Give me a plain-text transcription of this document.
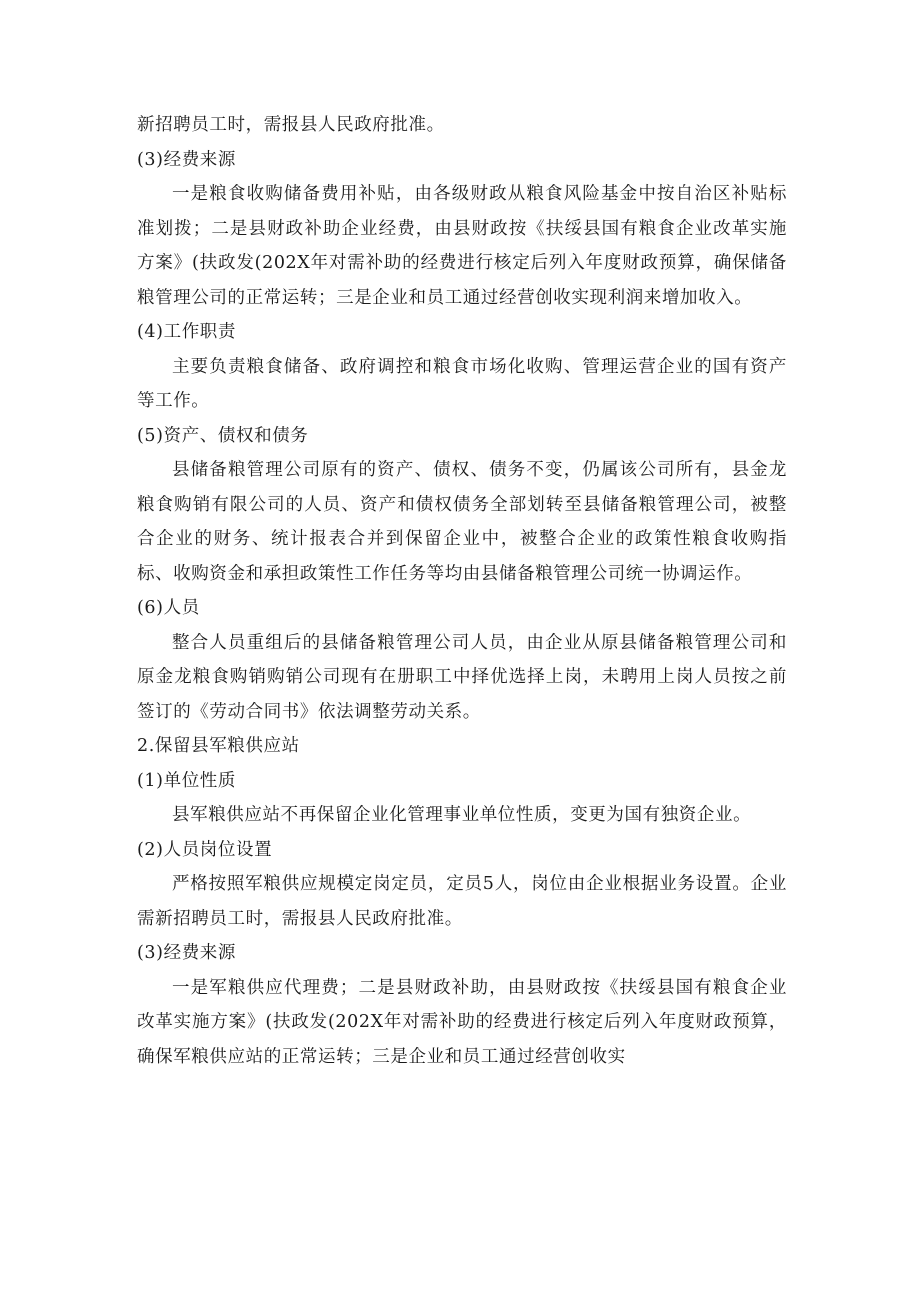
新招聘员工时，需报县人民政府批准。

(3)经费来源

一是粮食收购储备费用补贴，由各级财政从粮食风险基金中按自治区补贴标准划拨；二是县财政补助企业经费，由县财政按《扶绥县国有粮食企业改革实施方案》(扶政发(202X年对需补助的经费进行核定后列入年度财政预算，确保储备粮管理公司的正常运转；三是企业和员工通过经营创收实现利润来增加收入。

(4)工作职责

主要负责粮食储备、政府调控和粮食市场化收购、管理运营企业的国有资产等工作。

(5)资产、债权和债务

县储备粮管理公司原有的资产、债权、债务不变，仍属该公司所有，县金龙粮食购销有限公司的人员、资产和债权债务全部划转至县储备粮管理公司，被整合企业的财务、统计报表合并到保留企业中，被整合企业的政策性粮食收购指标、收购资金和承担政策性工作任务等均由县储备粮管理公司统一协调运作。

(6)人员

整合人员重组后的县储备粮管理公司人员，由企业从原县储备粮管理公司和原金龙粮食购销购销公司现有在册职工中择优选择上岗，未聘用上岗人员按之前签订的《劳动合同书》依法调整劳动关系。

2.保留县军粮供应站

(1)单位性质

县军粮供应站不再保留企业化管理事业单位性质，变更为国有独资企业。

(2)人员岗位设置

严格按照军粮供应规模定岗定员，定员5人，岗位由企业根据业务设置。企业需新招聘员工时，需报县人民政府批准。

(3)经费来源

一是军粮供应代理费；二是县财政补助，由县财政按《扶绥县国有粮食企业改革实施方案》(扶政发(202X年对需补助的经费进行核定后列入年度财政预算，确保军粮供应站的正常运转；三是企业和员工通过经营创收实
